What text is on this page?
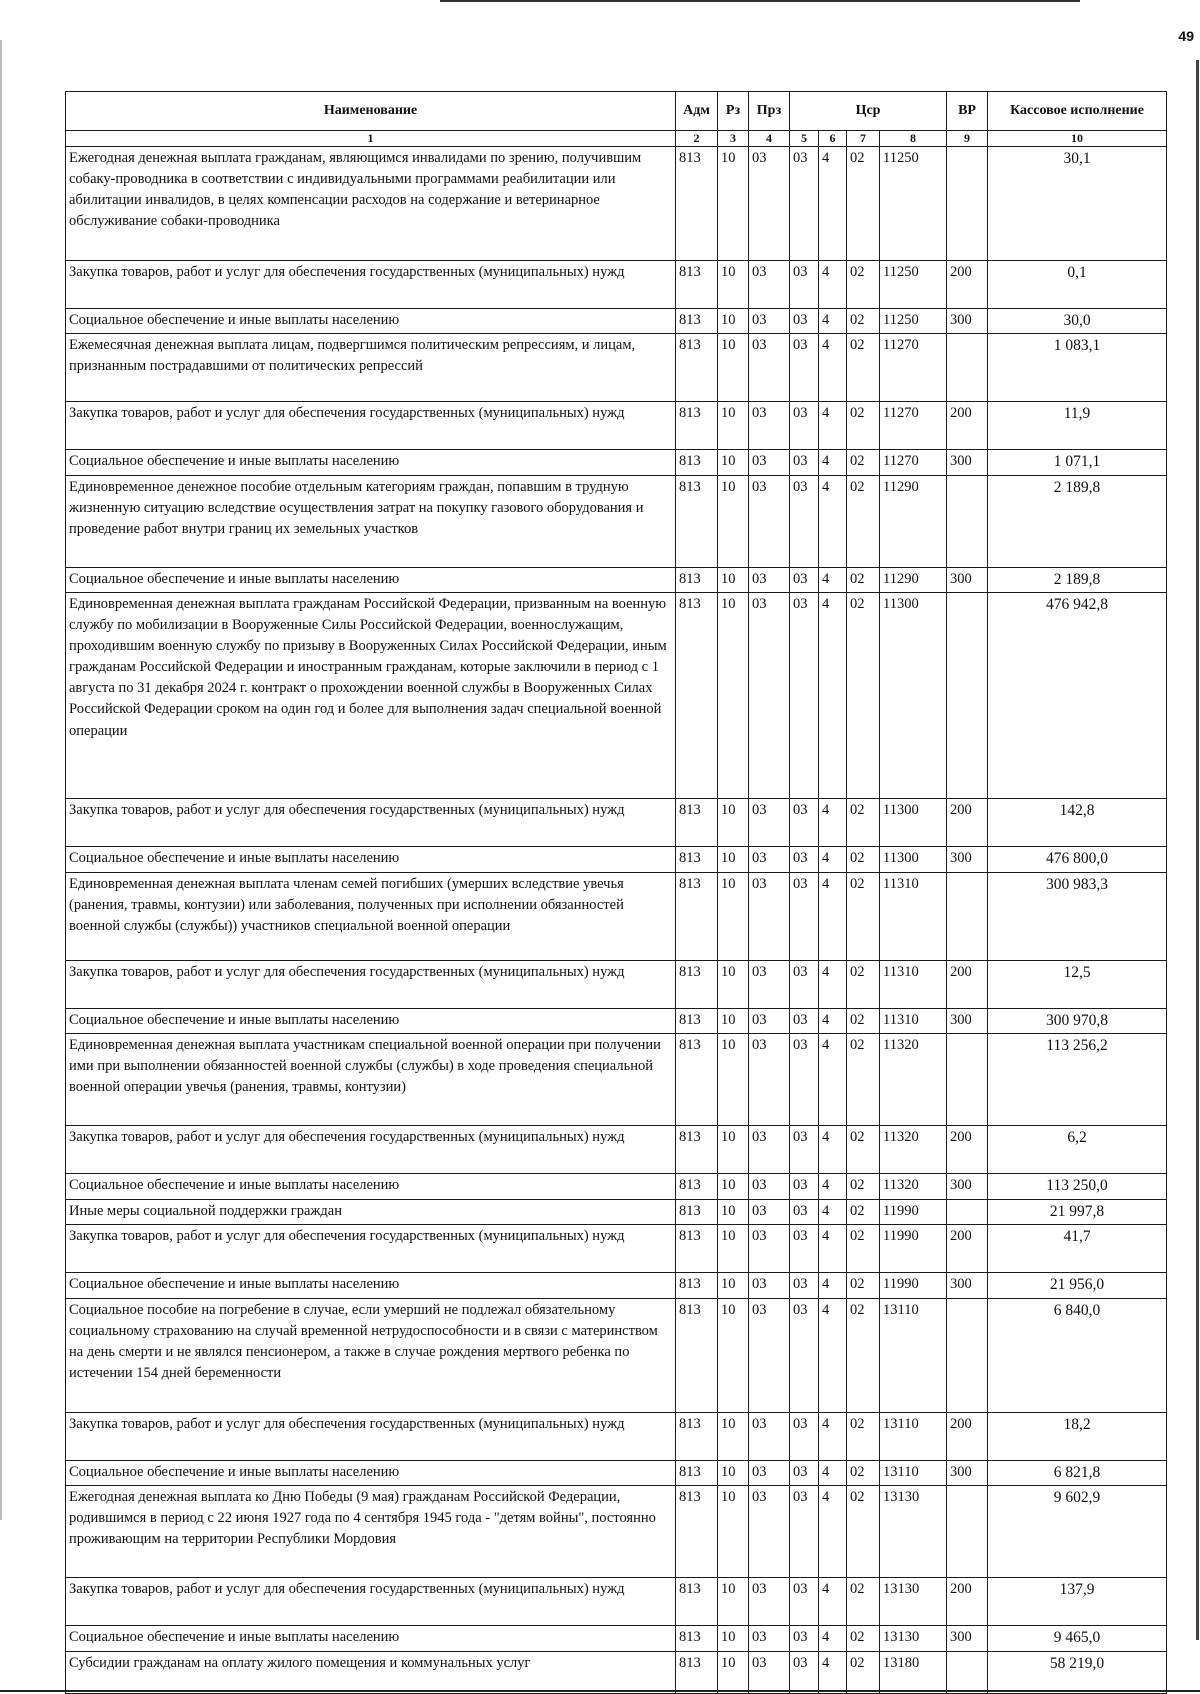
49
Наименование	Адм	Рз	Прз	Цср				ВР	Кассовое исполнение
1	2	3	4	5	6	7	8	9	10
Ежегодная денежная выплата гражданам, являющимся инвалидами по зрению, получившим собаку-проводника в соответствии с индивидуальными программами реабилитации или абилитации инвалидов, в целях компенсации расходов на содержание и ветеринарное обслуживание собаки-проводника	813	10	03	03	4	02	11250		30,1
Закупка товаров, работ и услуг для обеспечения государственных (муниципальных) нужд	813	10	03	03	4	02	11250	200	0,1
Социальное обеспечение и иные выплаты населению	813	10	03	03	4	02	11250	300	30,0
Ежемесячная денежная выплата лицам, подвергшимся политическим репрессиям, и лицам, признанным пострадавшими от политических репрессий	813	10	03	03	4	02	11270		1 083,1
Закупка товаров, работ и услуг для обеспечения государственных (муниципальных) нужд	813	10	03	03	4	02	11270	200	11,9
Социальное обеспечение и иные выплаты населению	813	10	03	03	4	02	11270	300	1 071,1
Единовременное денежное пособие отдельным категориям граждан, попавшим в трудную жизненную ситуацию вследствие осуществления затрат на покупку газового оборудования и проведение работ внутри границ их земельных участков	813	10	03	03	4	02	11290		2 189,8
Социальное обеспечение и иные выплаты населению	813	10	03	03	4	02	11290	300	2 189,8
Единовременная денежная выплата гражданам Российской Федерации, призванным на военную службу по мобилизации в Вооруженные Силы Российской Федерации, военнослужащим, проходившим военную службу по призыву в Вооруженных Силах Российской Федерации, иным гражданам Российской Федерации и иностранным гражданам, которые заключили в период с 1 августа по 31 декабря 2024 г. контракт о прохождении военной службы в Вооруженных Силах Российской Федерации сроком на один год и более для выполнения задач специальной военной операции	813	10	03	03	4	02	11300		476 942,8
Закупка товаров, работ и услуг для обеспечения государственных (муниципальных) нужд	813	10	03	03	4	02	11300	200	142,8
Социальное обеспечение и иные выплаты населению	813	10	03	03	4	02	11300	300	476 800,0
Единовременная денежная выплата членам семей погибших (умерших вследствие увечья (ранения, травмы, контузии) или заболевания, полученных при исполнении обязанностей военной службы (службы)) участников специальной военной операции	813	10	03	03	4	02	11310		300 983,3
Закупка товаров, работ и услуг для обеспечения государственных (муниципальных) нужд	813	10	03	03	4	02	11310	200	12,5
Социальное обеспечение и иные выплаты населению	813	10	03	03	4	02	11310	300	300 970,8
Единовременная денежная выплата участникам специальной военной операции при получении ими при выполнении обязанностей военной службы (службы) в ходе проведения специальной военной операции увечья (ранения, травмы, контузии)	813	10	03	03	4	02	11320		113 256,2
Закупка товаров, работ и услуг для обеспечения государственных (муниципальных) нужд	813	10	03	03	4	02	11320	200	6,2
Социальное обеспечение и иные выплаты населению	813	10	03	03	4	02	11320	300	113 250,0
Иные меры социальной поддержки граждан	813	10	03	03	4	02	11990		21 997,8
Закупка товаров, работ и услуг для обеспечения государственных (муниципальных) нужд	813	10	03	03	4	02	11990	200	41,7
Социальное обеспечение и иные выплаты населению	813	10	03	03	4	02	11990	300	21 956,0
Социальное пособие на погребение в случае, если умерший не подлежал обязательному социальному страхованию на случай временной нетрудоспособности и в связи с материнством на день смерти и не являлся пенсионером, а также в случае рождения мертвого ребенка по истечении 154 дней беременности	813	10	03	03	4	02	13110		6 840,0
Закупка товаров, работ и услуг для обеспечения государственных (муниципальных) нужд	813	10	03	03	4	02	13110	200	18,2
Социальное обеспечение и иные выплаты населению	813	10	03	03	4	02	13110	300	6 821,8
Ежегодная денежная выплата ко Дню Победы (9 мая) гражданам Российской Федерации, родившимся в период с 22 июня 1927 года по 4 сентября 1945 года - "детям войны", постоянно проживающим на территории Республики Мордовия	813	10	03	03	4	02	13130		9 602,9
Закупка товаров, работ и услуг для обеспечения государственных (муниципальных) нужд	813	10	03	03	4	02	13130	200	137,9
Социальное обеспечение и иные выплаты населению	813	10	03	03	4	02	13130	300	9 465,0
Субсидии гражданам на оплату жилого помещения и коммунальных услуг	813	10	03	03	4	02	13180		58 219,0
